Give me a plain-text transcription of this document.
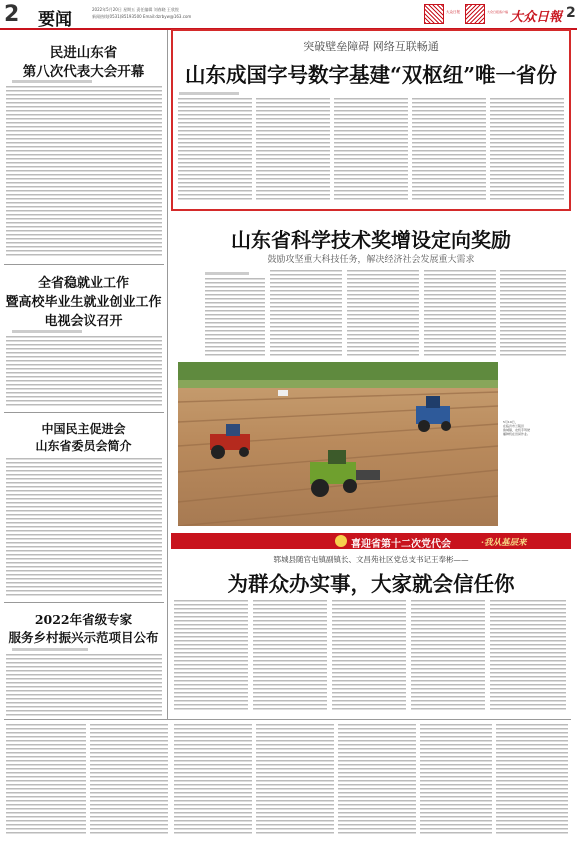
2 要闻
2022年5月20日 星期五 责任编辑 刘春晓 王欣悦
新闻热线(0531)85193500 Email:dzrbyw@163.com
大众日报	大众日报客户端 大众日報 2
民进山东省
第八次代表大会开幕
全省稳就业工作
暨高校毕业生就业创业工作
电视会议召开
中国民主促进会
山东省委员会简介
2022年省级专家
服务乡村振兴示范项目公布
突破壁垒障碍 网络互联畅通
山东成国字号数字基建“双枢纽”唯一省份
山东省科学技术奖增设定向奖励
鼓励攻坚重大科技任务，解决经济社会发展重大需求
5月19日，
在临沂市兰陵县
鲁城镇，农机手驾驶
播种机在田间作业。
喜迎省第十二次党代会	·我从基层来
郓城县随官屯镇副镇长、文昌苑社区党总支书记王奉彬——
为群众办实事，大家就会信任你
